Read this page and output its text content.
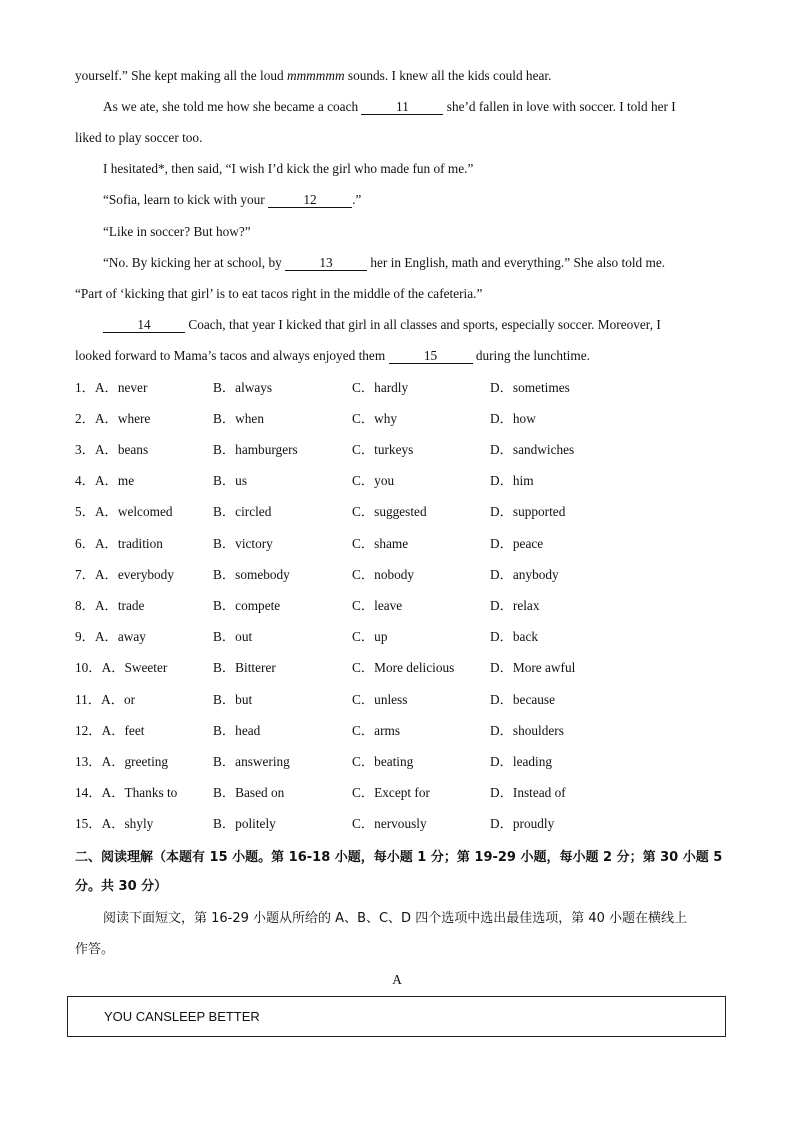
yourself.” She kept making all the loud mmmmmm sounds. I knew all the kids could hear.
As we ate, she told me how she became a coach	11	she’d fallen in love with soccer. I told her I
liked to play soccer too.
I hesitated*, then said, “I wish I’d kick the girl who made fun of me.”
“Sofia, learn to kick with your	12	.”
“Like in soccer? But how?”
“No. By kicking her at school, by	13	her in English, math and everything.” She also told me.
“Part of ‘kicking that girl’ is to eat tacos right in the middle of the cafeteria.”
14	Coach, that year I kicked that girl in all classes and sports, especially soccer. Moreover, I
looked forward to Mama’s tacos and always enjoyed them	15	during the lunchtime.
1．A．never	B．always	C．hardly	D．sometimes
2．A．where	B．when	C．why	D．how
3．A．beans	B．hamburgers	C．turkeys	D．sandwiches
4．A．me	B．us	C．you	D．him
5．A．welcomed	B．circled	C．suggested	D．supported
6．A．tradition	B．victory	C．shame	D．peace
7．A．everybody	B．somebody	C．nobody	D．anybody
8．A．trade	B．compete	C．leave	D．relax
9．A．away	B．out	C．up	D．back
10．A．Sweeter	B．Bitterer	C．More delicious	D．More awful
11．A．or	B．but	C．unless	D．because
12．A．feet	B．head	C．arms	D．shoulders
13．A．greeting	B．answering	C．beating	D．leading
14．A．Thanks to	B．Based on	C．Except for	D．Instead of
15．A．shyly	B．politely	C．nervously	D．proudly
二、阅读理解（本题有 15 小题。第 16-18 小题，每小题 1 分；第 19-29 小题，每小题 2 分；第 30 小题 5
分。共 30 分）
阅读下面短文，第 16-29 小题从所给的 A、B、C、D 四个选项中选出最佳选项，第 40 小题在横线上
作答。
A
YOU CANSLEEP BETTER
